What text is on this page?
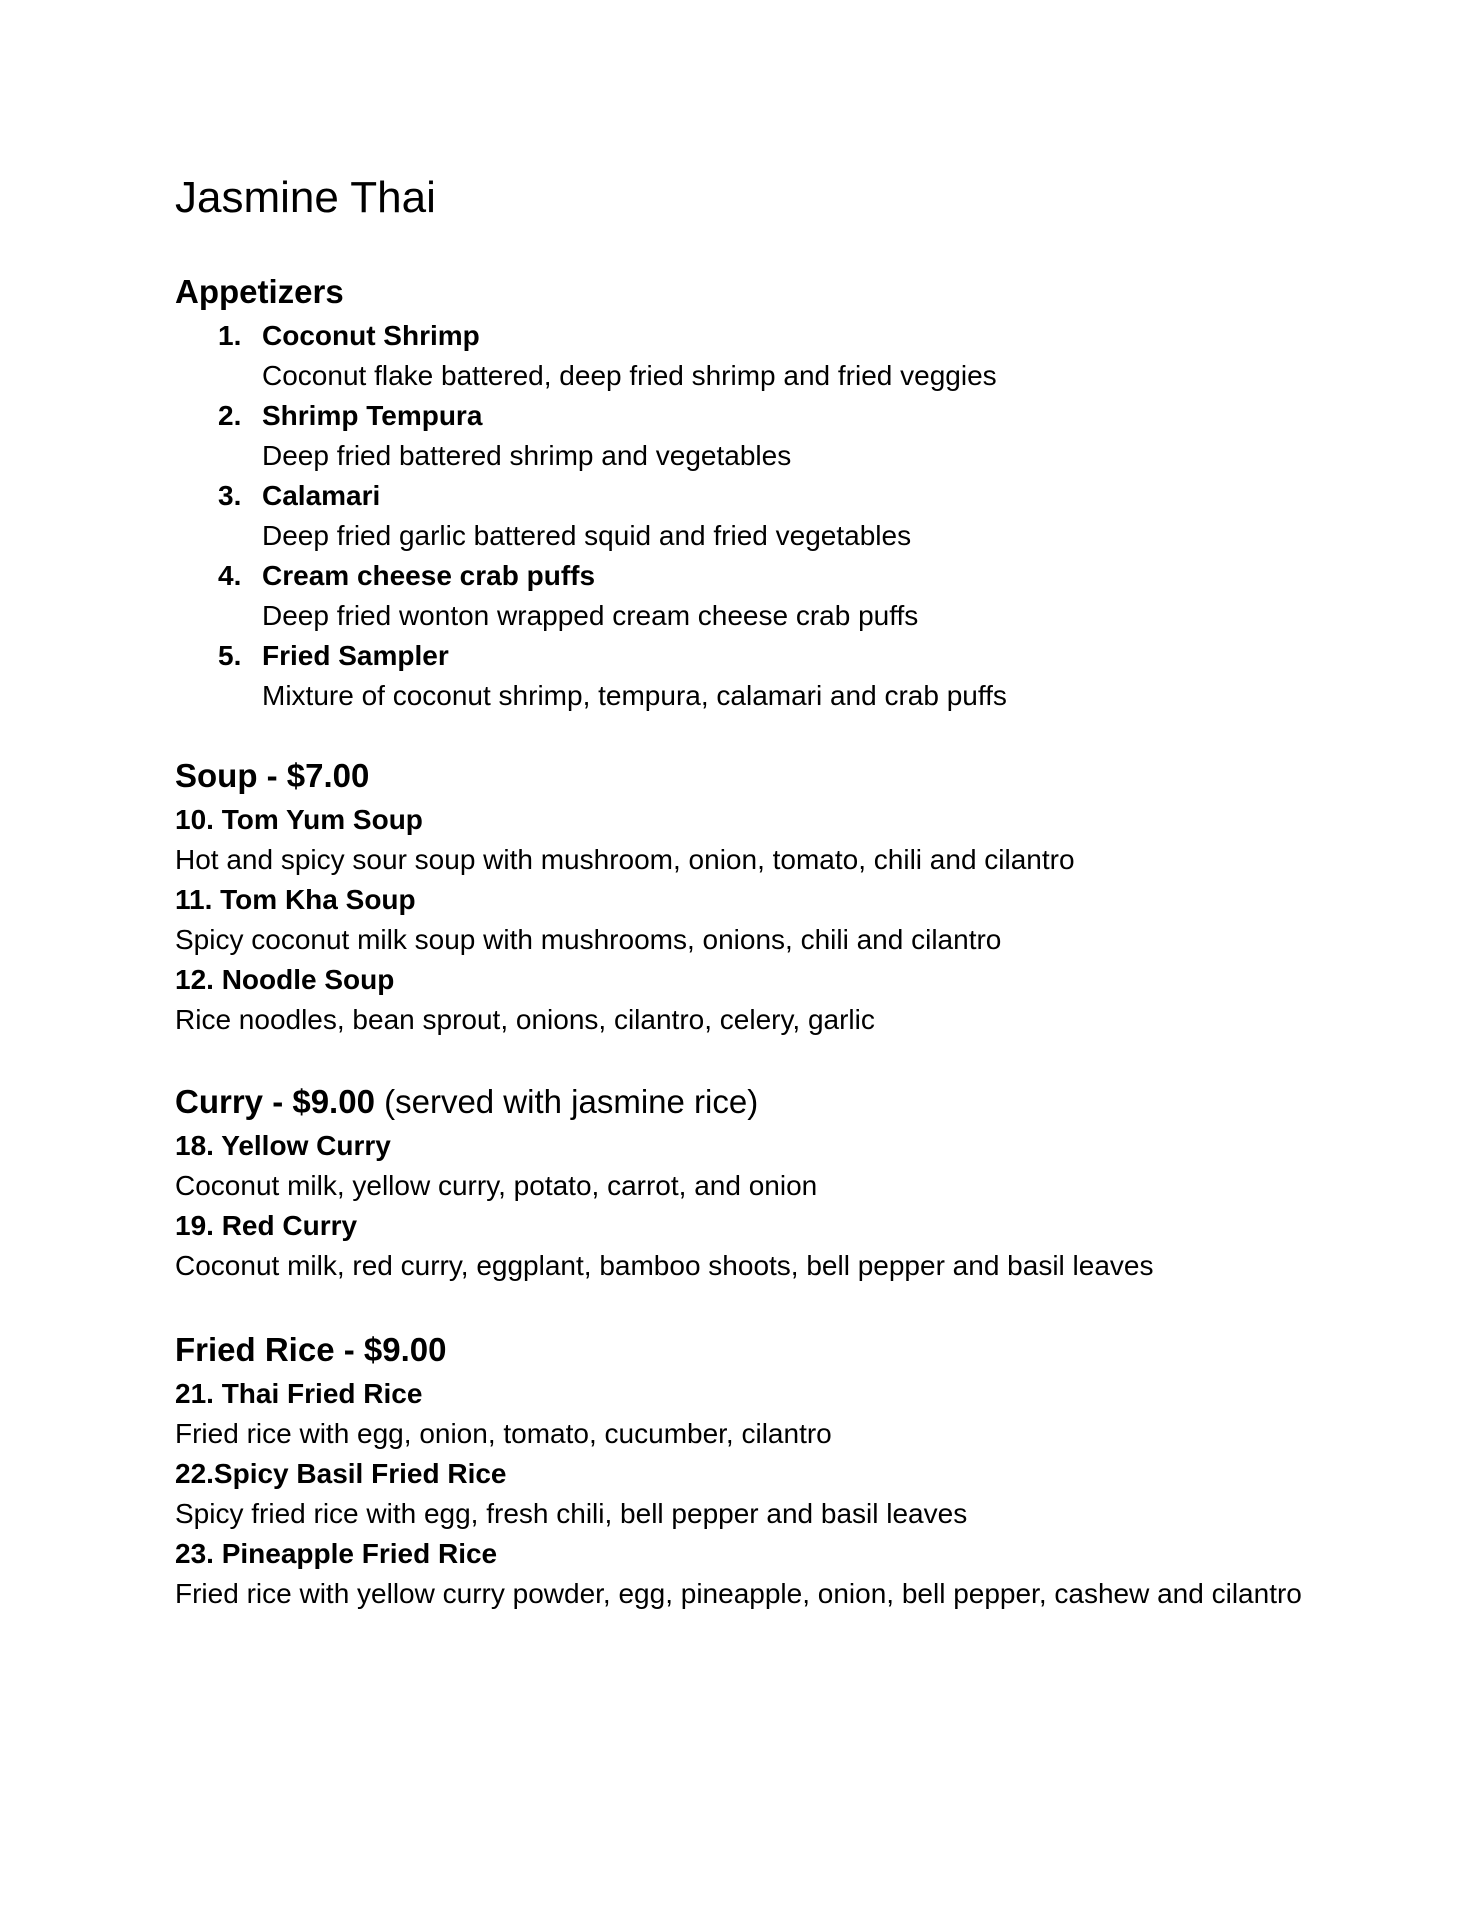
Jasmine Thai
Appetizers
1. Coconut Shrimp

Coconut flake battered, deep fried shrimp and fried veggies

2. Shrimp Tempura

Deep fried battered shrimp and vegetables

3. Calamari

Deep fried garlic battered squid and fried vegetables

4. Cream cheese crab puffs

Deep fried wonton wrapped cream cheese crab puffs

5. Fried Sampler

Mixture of coconut shrimp, tempura, calamari and crab puffs

Soup - $7.00

10. Tom Yum Soup

Hot and spicy sour soup with mushroom, onion, tomato, chili and cilantro

11. Tom Kha Soup

Spicy coconut milk soup with mushrooms, onions, chili and cilantro

12. Noodle Soup

Rice noodles, bean sprout, onions, cilantro, celery, garlic

Curry - $9.00 (served with jasmine rice)

18. Yellow Curry

Coconut milk, yellow curry, potato, carrot, and onion

19. Red Curry

Coconut milk, red curry, eggplant, bamboo shoots, bell pepper and basil leaves

Fried Rice - $9.00

21. Thai Fried Rice

Fried rice with egg, onion, tomato, cucumber, cilantro

22.Spicy Basil Fried Rice

Spicy fried rice with egg, fresh chili, bell pepper and basil leaves

23. Pineapple Fried Rice

Fried rice with yellow curry powder, egg, pineapple, onion, bell pepper, cashew and cilantro
